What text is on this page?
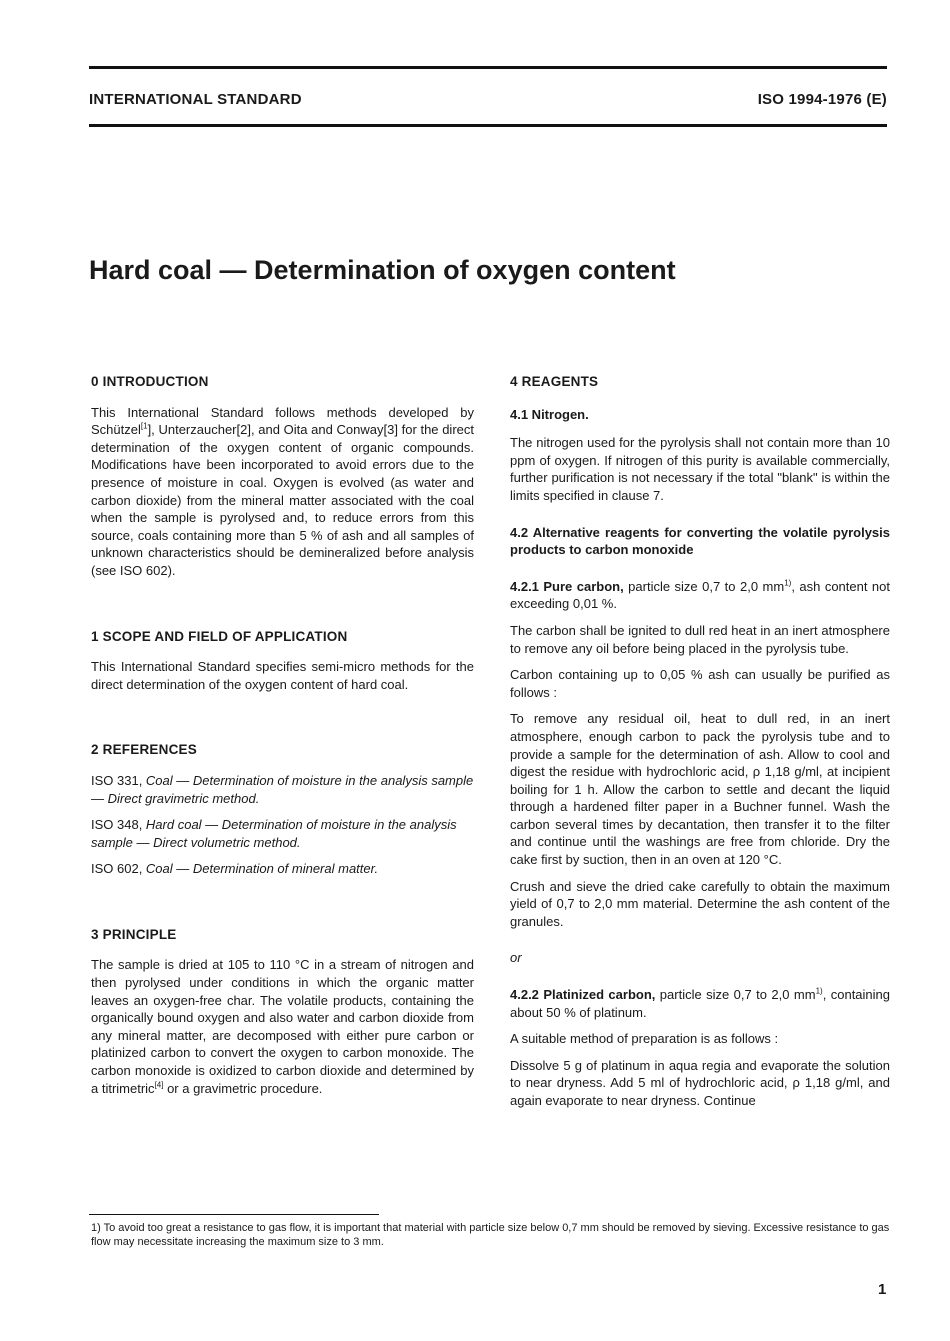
INTERNATIONAL STANDARD	ISO 1994-1976 (E)
Hard coal — Determination of oxygen content
0 INTRODUCTION

This International Standard follows methods developed by Schützel$^{[1}$], Unterzaucher[2], and Oita and Conway[3] for the direct determination of the oxygen content of organic compounds. Modifications have been incorporated to avoid errors due to the presence of moisture in coal. Oxygen is evolved (as water and carbon dioxide) from the mineral matter associated with the coal when the sample is pyrolysed and, to reduce errors from this source, coals containing more than 5 % of ash and all samples of unknown characteristics should be demineralized before analysis (see ISO 602).

1 SCOPE AND FIELD OF APPLICATION

This International Standard specifies semi-micro methods for the direct determination of the oxygen content of hard coal.

2 REFERENCES

ISO 331, Coal — Determination of moisture in the analysis sample — Direct gravimetric method.

ISO 348, Hard coal — Determination of moisture in the analysis sample — Direct volumetric method.

ISO 602, Coal — Determination of mineral matter.

3 PRINCIPLE

The sample is dried at 105 to 110 °C in a stream of nitrogen and then pyrolysed under conditions in which the organic matter leaves an oxygen-free char. The volatile products, containing the organically bound oxygen and also water and carbon dioxide from any mineral matter, are decomposed with either pure carbon or platinized carbon to convert the oxygen to carbon monoxide. The carbon monoxide is oxidized to carbon dioxide and determined by a titrimetric[4] or a gravimetric procedure.

4 REAGENTS
4.1 Nitrogen.

The nitrogen used for the pyrolysis shall not contain more than 10 ppm of oxygen. If nitrogen of this purity is available commercially, further purification is not necessary if the total "blank" is within the limits specified in clause 7.

4.2 Alternative reagents for converting the volatile pyrolysis products to carbon monoxide

4.2.1 Pure carbon, particle size 0,7 to 2,0 $mm^{1)}$, ash content not exceeding 0,01 %.

The carbon shall be ignited to dull red heat in an inert atmosphere to remove any oil before being placed in the pyrolysis tube.

Carbon containing up to 0,05 % ash can usually be purified as follows :

To remove any residual oil, heat to dull red, in an inert atmosphere, enough carbon to pack the pyrolysis tube and to provide a sample for the determination of ash. Allow to cool and digest the residue with hydrochloric acid, ρ 1,18 g/ml, at incipient boiling for 1 h. Allow the carbon to settle and decant the liquid through a hardened filter paper in a Buchner funnel. Wash the carbon several times by decantation, then transfer it to the filter and continue until the washings are free from chloride. Dry the cake first by suction, then in an oven at 120 °C.

Crush and sieve the dried cake carefully to obtain the maximum yield of 0,7 to 2,0 mm material. Determine the ash content of the granules.

or

4.2.2 Platinized carbon, particle size 0,7 to 2,0 $mm^{1)}$, containing about 50 % of platinum.

A suitable method of preparation is as follows :

Dissolve 5 g of platinum in aqua regia and evaporate the solution to near dryness. Add 5 ml of hydrochloric acid, ρ 1,18 g/ml, and again evaporate to near dryness. Continue

1) To avoid too great a resistance to gas flow, it is important that material with particle size below 0,7 mm should be removed by sieving. Excessive resistance to gas flow may necessitate increasing the maximum size to 3 mm.

1
